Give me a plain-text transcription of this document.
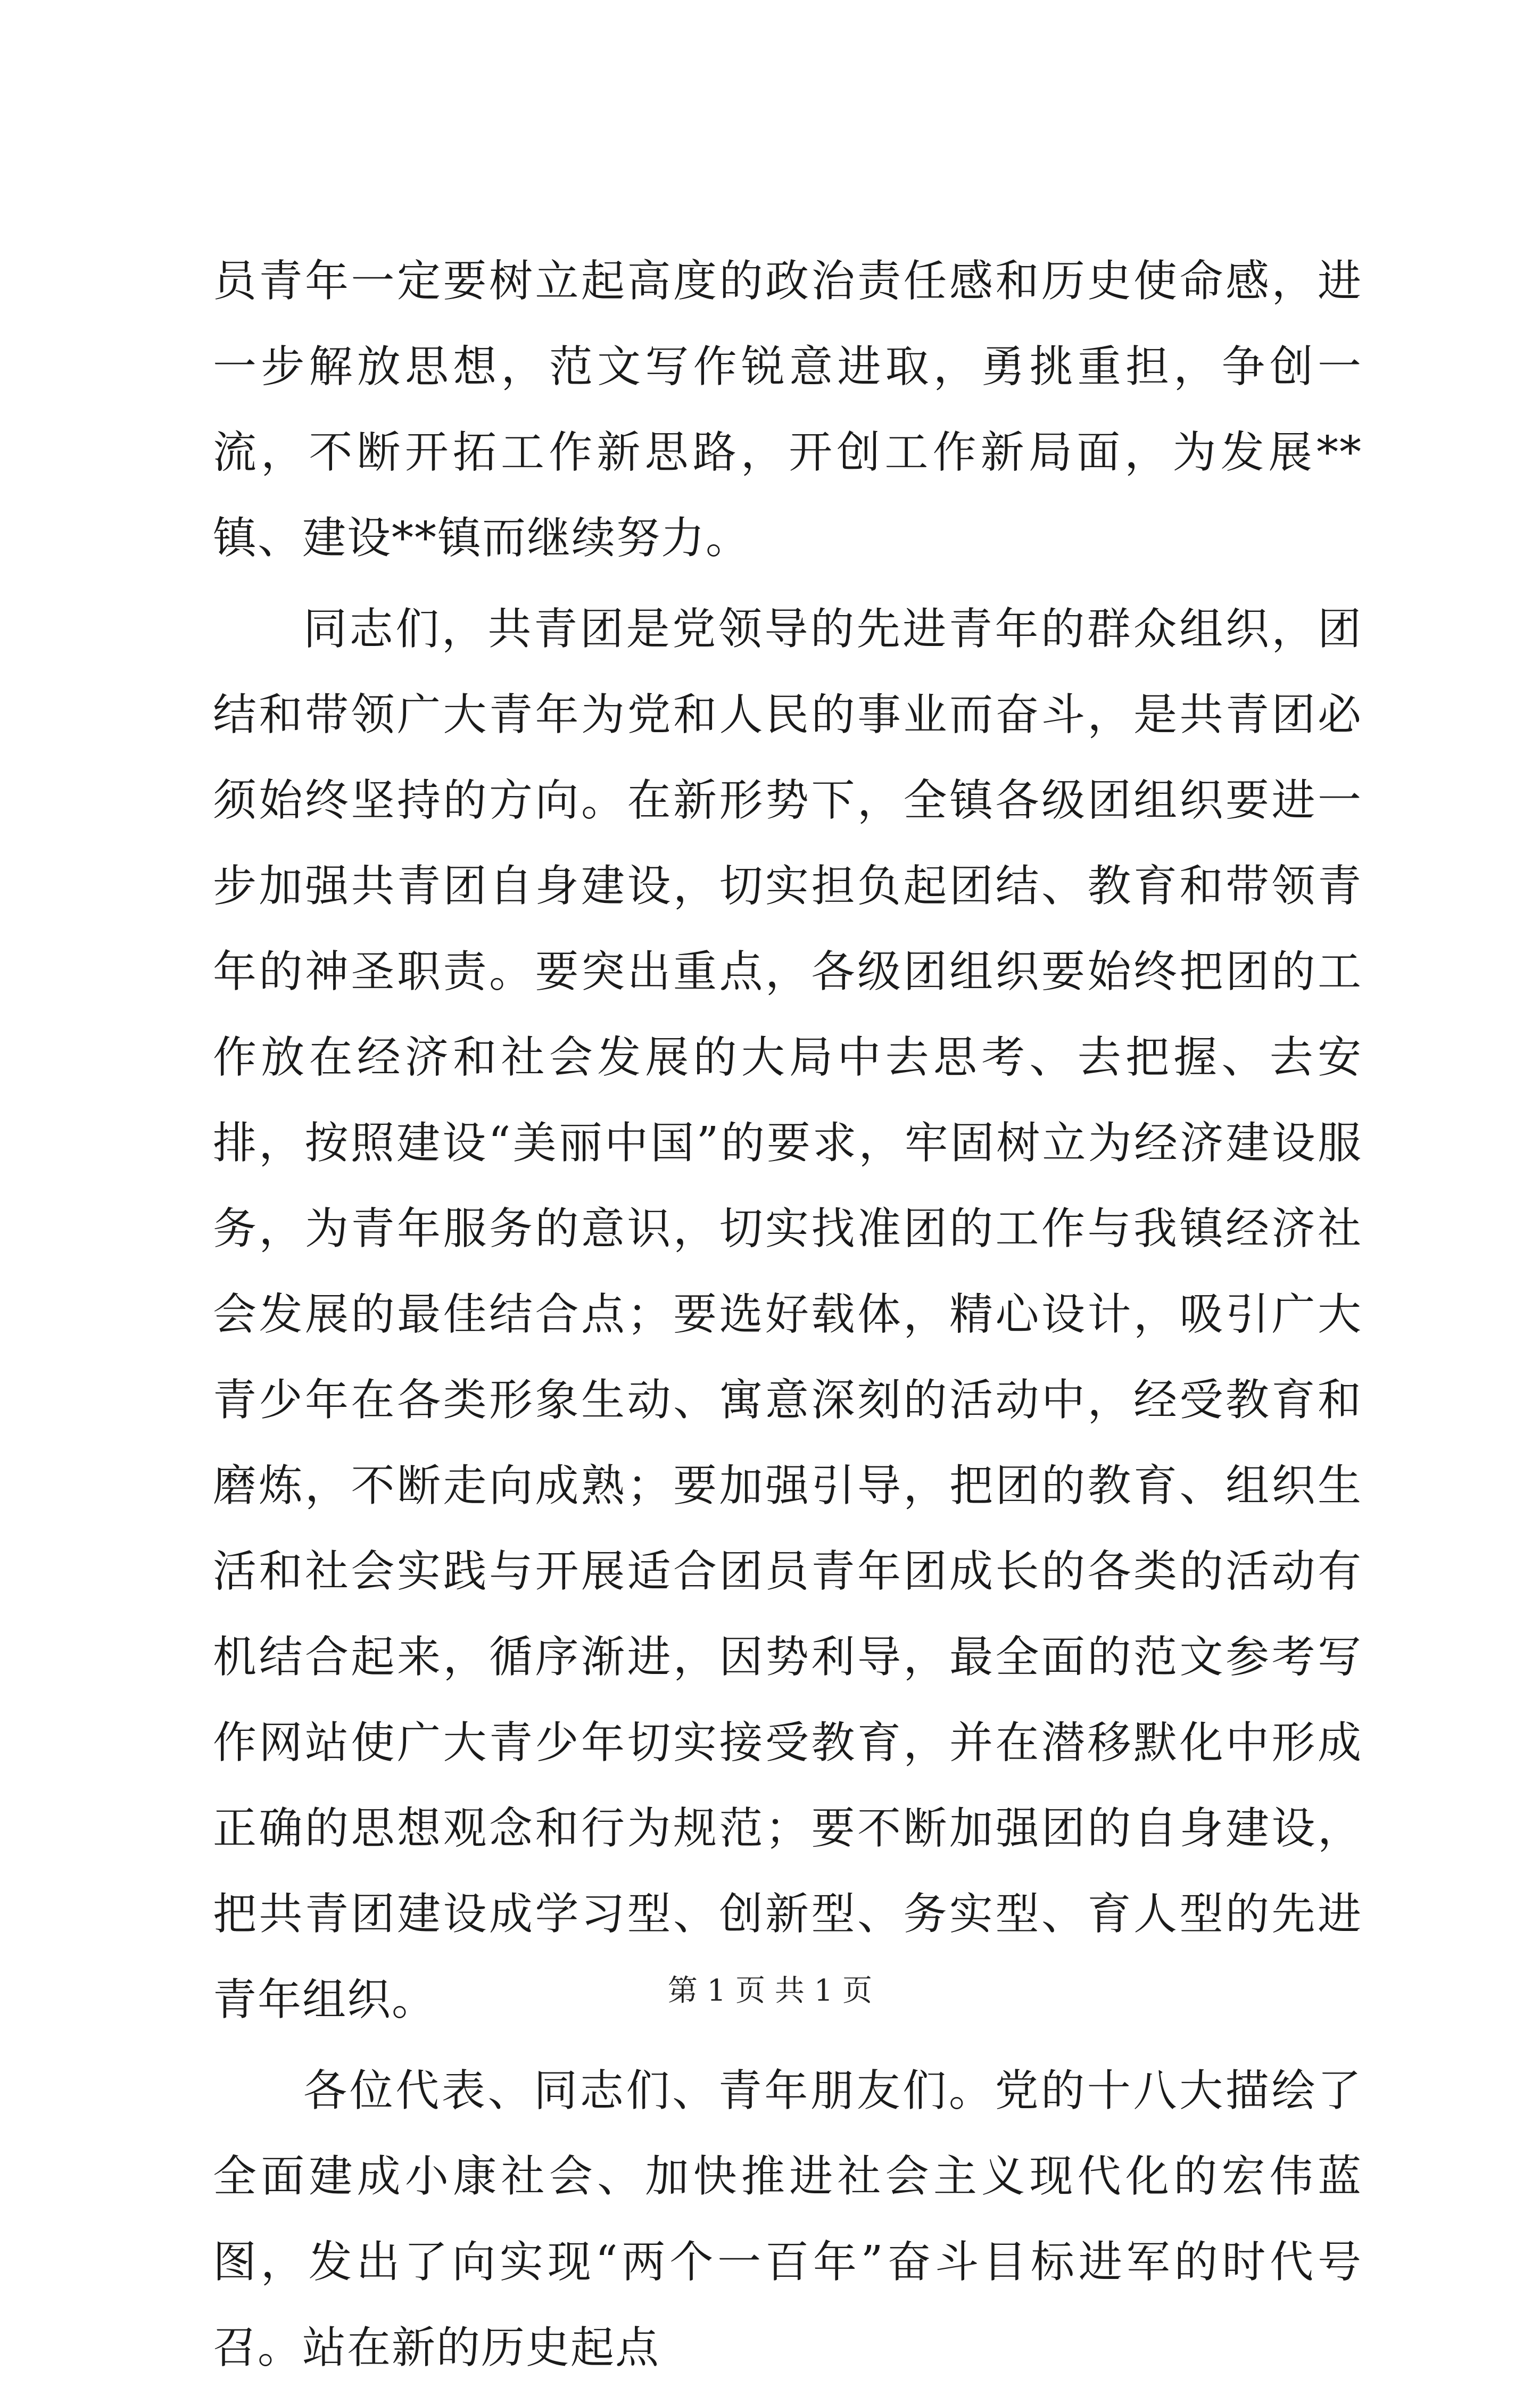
员青年一定要树立起高度的政治责任感和历史使命感，进一步解放思想，范文写作锐意进取，勇挑重担，争创一流，不断开拓工作新思路，开创工作新局面，为发展**镇、建设**镇而继续努力。

同志们，共青团是党领导的先进青年的群众组织，团结和带领广大青年为党和人民的事业而奋斗，是共青团必须始终坚持的方向。在新形势下，全镇各级团组织要进一步加强共青团自身建设，切实担负起团结、教育和带领青年的神圣职责。要突出重点，各级团组织要始终把团的工作放在经济和社会发展的大局中去思考、去把握、去安排，按照建设“美丽中国”的要求，牢固树立为经济建设服务，为青年服务的意识，切实找准团的工作与我镇经济社会发展的最佳结合点；要选好载体，精心设计，吸引广大青少年在各类形象生动、寓意深刻的活动中，经受教育和磨炼，不断走向成熟；要加强引导，把团的教育、组织生活和社会实践与开展适合团员青年团成长的各类的活动有机结合起来，循序渐进，因势利导，最全面的范文参考写作网站使广大青少年切实接受教育，并在潜移默化中形成正确的思想观念和行为规范；要不断加强团的自身建设，把共青团建设成学习型、创新型、务实型、育人型的先进青年组织。

各位代表、同志们、青年朋友们。党的十八大描绘了全面建成小康社会、加快推进社会主义现代化的宏伟蓝图，发出了向实现“两个一百年”奋斗目标进军的时代号召。站在新的历史起点

第 1 页 共 1 页
